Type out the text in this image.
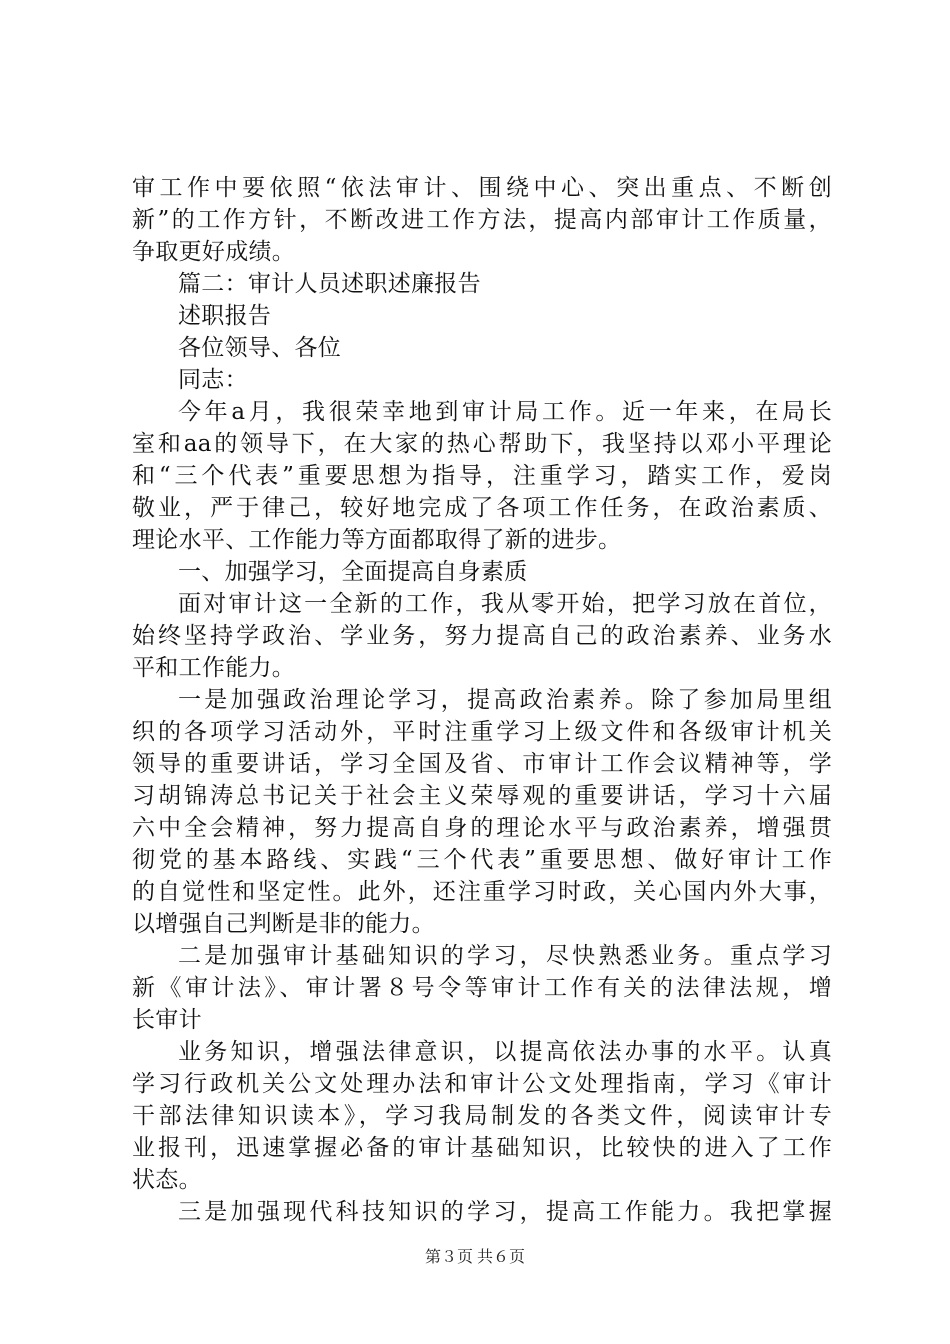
审工作中要依照“依法审计、围绕中心、突出重点、不断创
新”的工作方针，不断改进工作方法，提高内部审计工作质量，
争取更好成绩。
篇二：审计人员述职述廉报告
述职报告
各位领导、各位
同志：
今年a月，我很荣幸地到审计局工作。近一年来，在局长
室和aa的领导下，在大家的热心帮助下，我坚持以邓小平理论
和“三个代表”重要思想为指导，注重学习，踏实工作，爱岗
敬业，严于律己，较好地完成了各项工作任务，在政治素质、
理论水平、工作能力等方面都取得了新的进步。
一、加强学习，全面提高自身素质
面对审计这一全新的工作，我从零开始，把学习放在首位，
始终坚持学政治、学业务，努力提高自己的政治素养、业务水
平和工作能力。
一是加强政治理论学习，提高政治素养。除了参加局里组
织的各项学习活动外，平时注重学习上级文件和各级审计机关
领导的重要讲话，学习全国及省、市审计工作会议精神等，学
习胡锦涛总书记关于社会主义荣辱观的重要讲话，学习十六届
六中全会精神，努力提高自身的理论水平与政治素养，增强贯
彻党的基本路线、实践“三个代表”重要思想、做好审计工作
的自觉性和坚定性。此外，还注重学习时政，关心国内外大事，
以增强自己判断是非的能力。
二是加强审计基础知识的学习，尽快熟悉业务。重点学习
新《审计法》、审计署８号令等审计工作有关的法律法规，增
长审计
业务知识，增强法律意识，以提高依法办事的水平。认真
学习行政机关公文处理办法和审计公文处理指南，学习《审计
干部法律知识读本》，学习我局制发的各类文件，阅读审计专
业报刊，迅速掌握必备的审计基础知识，比较快的进入了工作
状态。
三是加强现代科技知识的学习，提高工作能力。我把掌握
第３页 共６页
